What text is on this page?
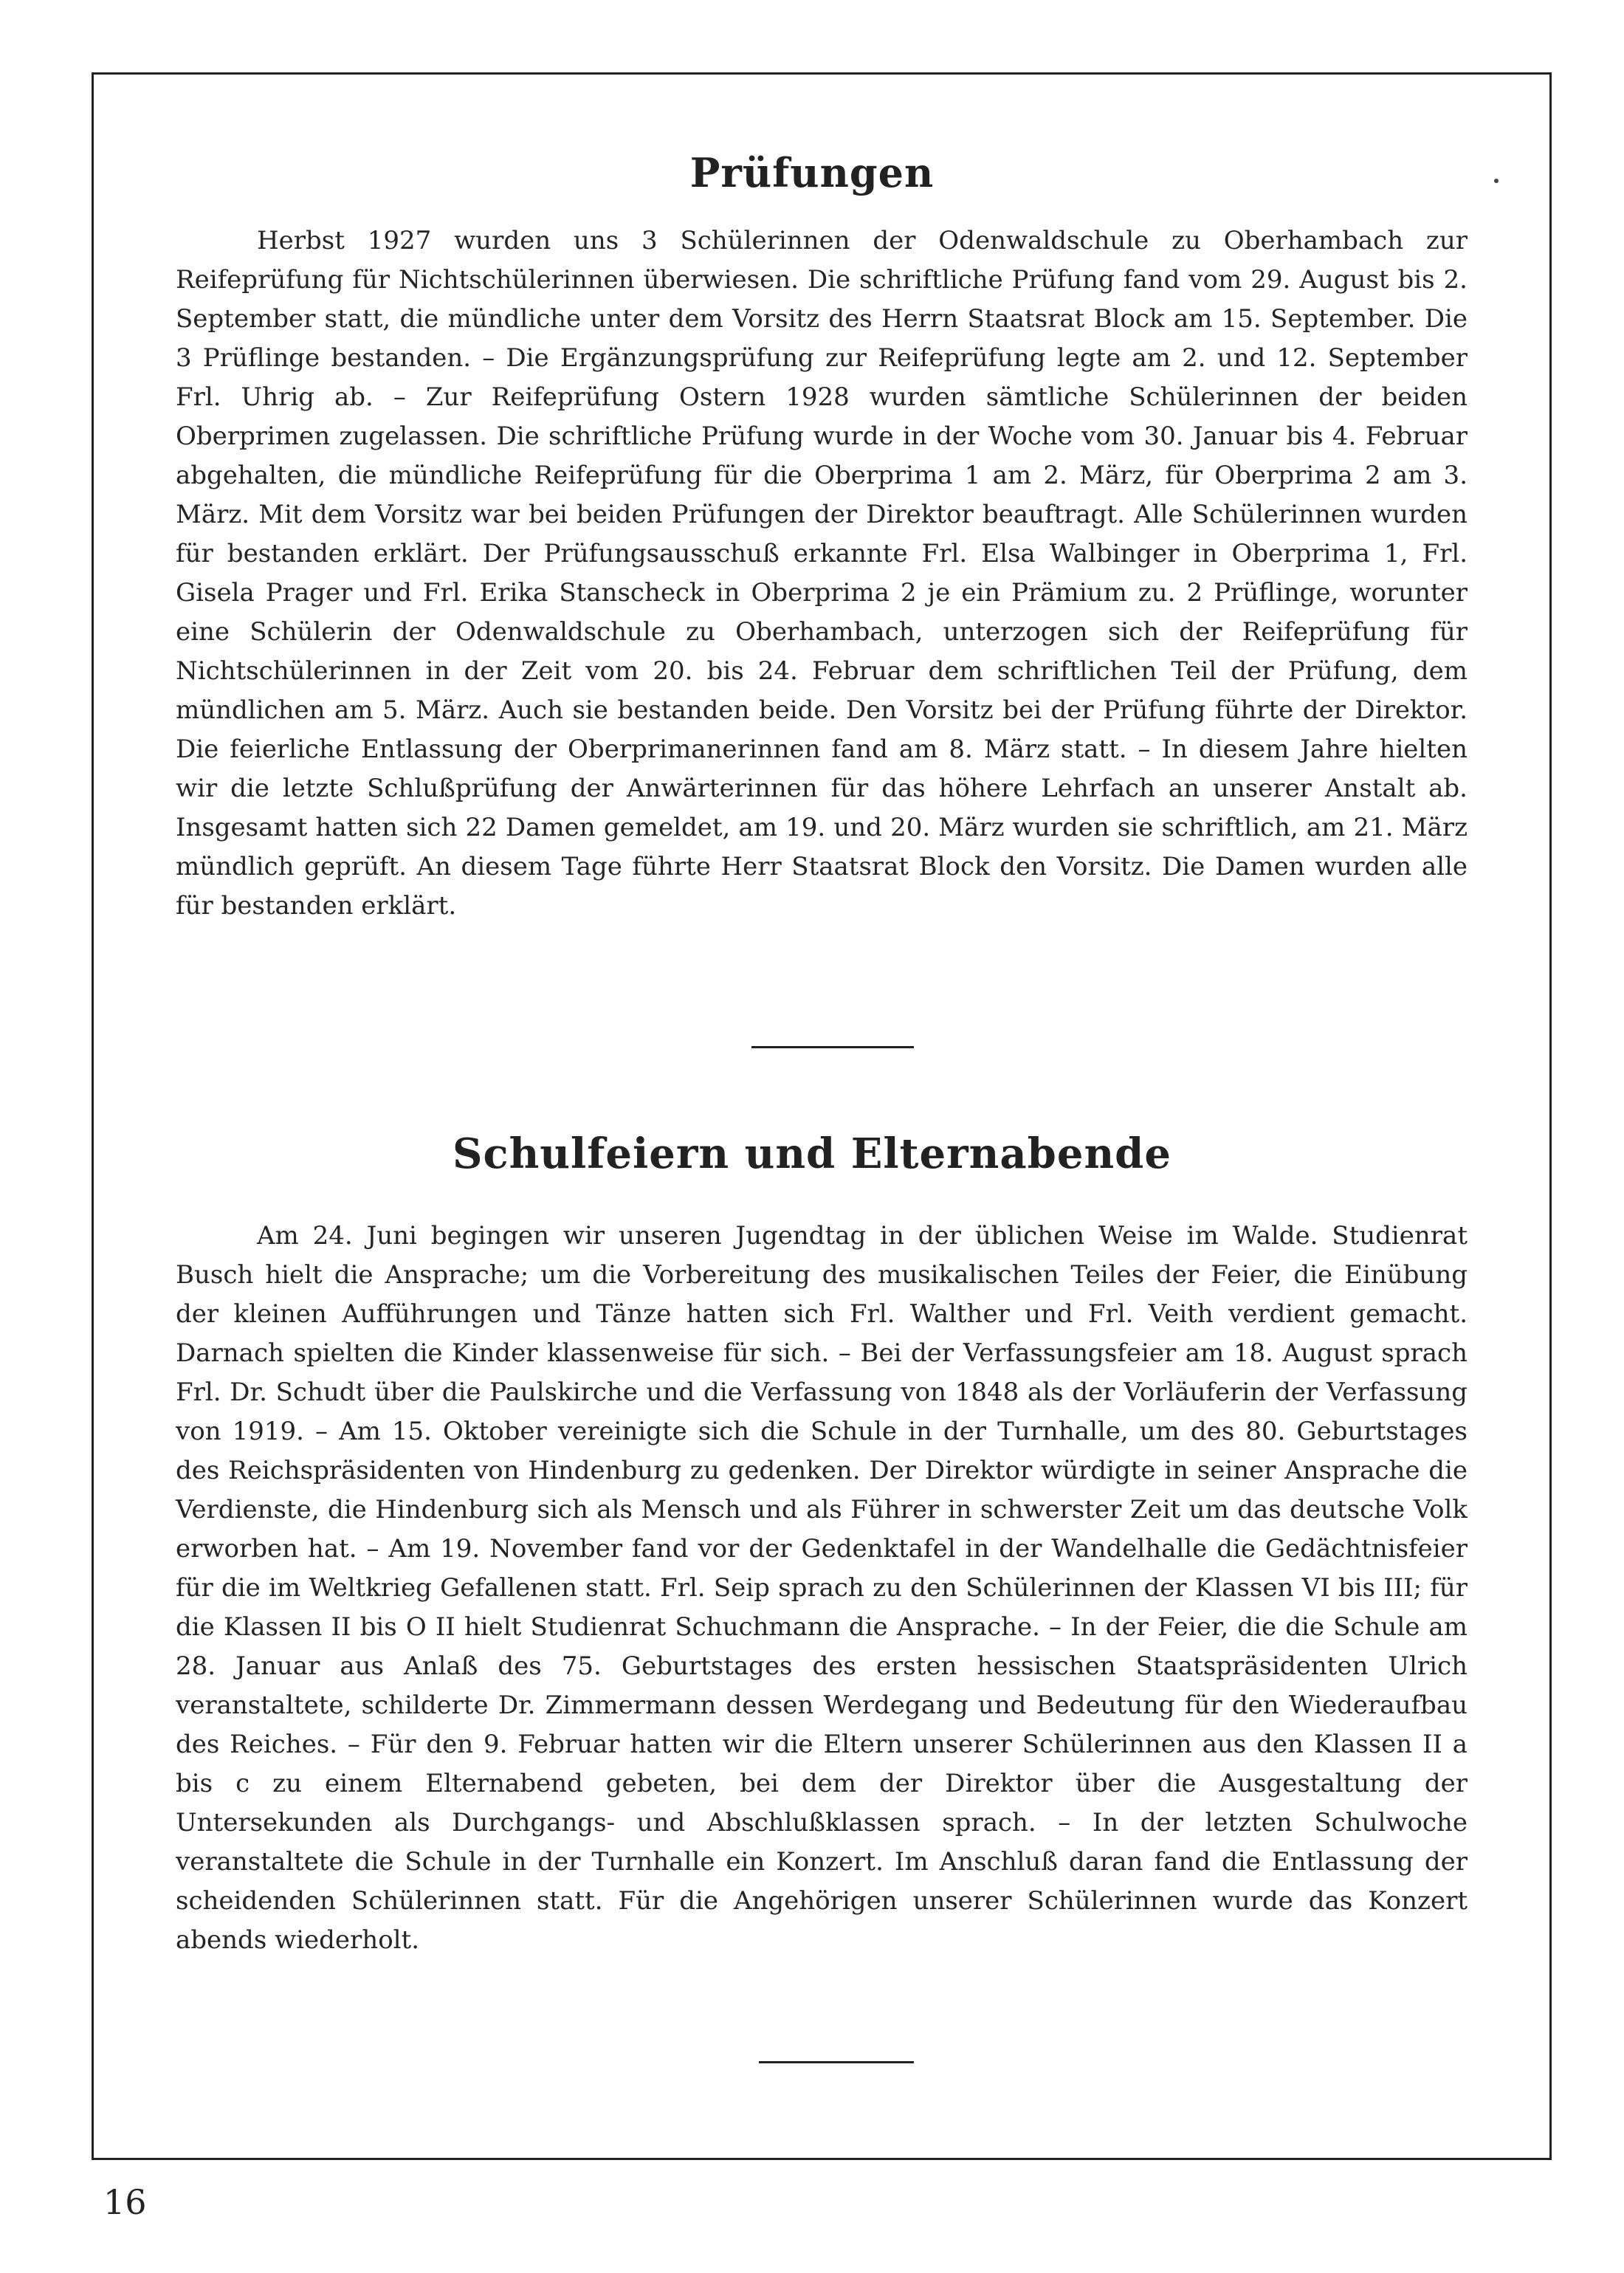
Prüfungen

Herbst 1927 wurden uns 3 Schülerinnen der Odenwaldschule zu Oberhambach zur Reifeprüfung für Nichtschülerinnen überwiesen. Die schriftliche Prüfung fand vom 29. August bis 2. September statt, die mündliche unter dem Vorsitz des Herrn Staatsrat Block am 15. September. Die 3 Prüflinge bestanden. – Die Ergänzungsprüfung zur Reifeprüfung legte am 2. und 12. September Frl. Uhrig ab. – Zur Reifeprüfung Ostern 1928 wurden sämtliche Schülerinnen der beiden Oberprimen zugelassen. Die schriftliche Prüfung wurde in der Woche vom 30. Januar bis 4. Februar abgehalten, die mündliche Reifeprüfung für die Oberprima 1 am 2. März, für Oberprima 2 am 3. März. Mit dem Vorsitz war bei beiden Prüfungen der Direktor beauftragt. Alle Schülerinnen wurden für bestanden erklärt. Der Prüfungsausschuß erkannte Frl. Elsa Walbinger in Oberprima 1, Frl. Gisela Prager und Frl. Erika Stanscheck in Oberprima 2 je ein Prämium zu. 2 Prüflinge, worunter eine Schülerin der Odenwaldschule zu Oberhambach, unterzogen sich der Reifeprüfung für Nichtschülerinnen in der Zeit vom 20. bis 24. Februar dem schriftlichen Teil der Prüfung, dem mündlichen am 5. März. Auch sie bestanden beide. Den Vorsitz bei der Prüfung führte der Direktor. Die feierliche Entlassung der Oberprimanerinnen fand am 8. März statt. – In diesem Jahre hielten wir die letzte Schlußprüfung der Anwärterinnen für das höhere Lehrfach an unserer Anstalt ab. Insgesamt hatten sich 22 Damen gemeldet, am 19. und 20. März wurden sie schriftlich, am 21. März mündlich geprüft. An diesem Tage führte Herr Staatsrat Block den Vorsitz. Die Damen wurden alle für bestanden erklärt.

Schulfeiern und Elternabende

Am 24. Juni begingen wir unseren Jugendtag in der üblichen Weise im Walde. Studienrat Busch hielt die Ansprache; um die Vorbereitung des musikalischen Teiles der Feier, die Einübung der kleinen Aufführungen und Tänze hatten sich Frl. Walther und Frl. Veith verdient gemacht. Darnach spielten die Kinder klassenweise für sich. – Bei der Verfassungsfeier am 18. August sprach Frl. Dr. Schudt über die Paulskirche und die Verfassung von 1848 als der Vorläuferin der Verfassung von 1919. – Am 15. Oktober vereinigte sich die Schule in der Turnhalle, um des 80. Geburtstages des Reichspräsidenten von Hindenburg zu gedenken. Der Direktor würdigte in seiner Ansprache die Verdienste, die Hindenburg sich als Mensch und als Führer in schwerster Zeit um das deutsche Volk erworben hat. – Am 19. November fand vor der Gedenktafel in der Wandelhalle die Gedächtnisfeier für die im Weltkrieg Gefallenen statt. Frl. Seip sprach zu den Schülerinnen der Klassen VI bis III; für die Klassen II bis O II hielt Studienrat Schuchmann die Ansprache. – In der Feier, die die Schule am 28. Januar aus Anlaß des 75. Geburtstages des ersten hessischen Staatspräsidenten Ulrich veranstaltete, schilderte Dr. Zimmermann dessen Werdegang und Bedeutung für den Wiederaufbau des Reiches. – Für den 9. Februar hatten wir die Eltern unserer Schülerinnen aus den Klassen II a bis c zu einem Elternabend gebeten, bei dem der Direktor über die Ausgestaltung der Untersekunden als Durchgangs- und Abschlußklassen sprach. – In der letzten Schulwoche veranstaltete die Schule in der Turnhalle ein Konzert. Im Anschluß daran fand die Entlassung der scheidenden Schülerinnen statt. Für die Angehörigen unserer Schülerinnen wurde das Konzert abends wiederholt.

16
